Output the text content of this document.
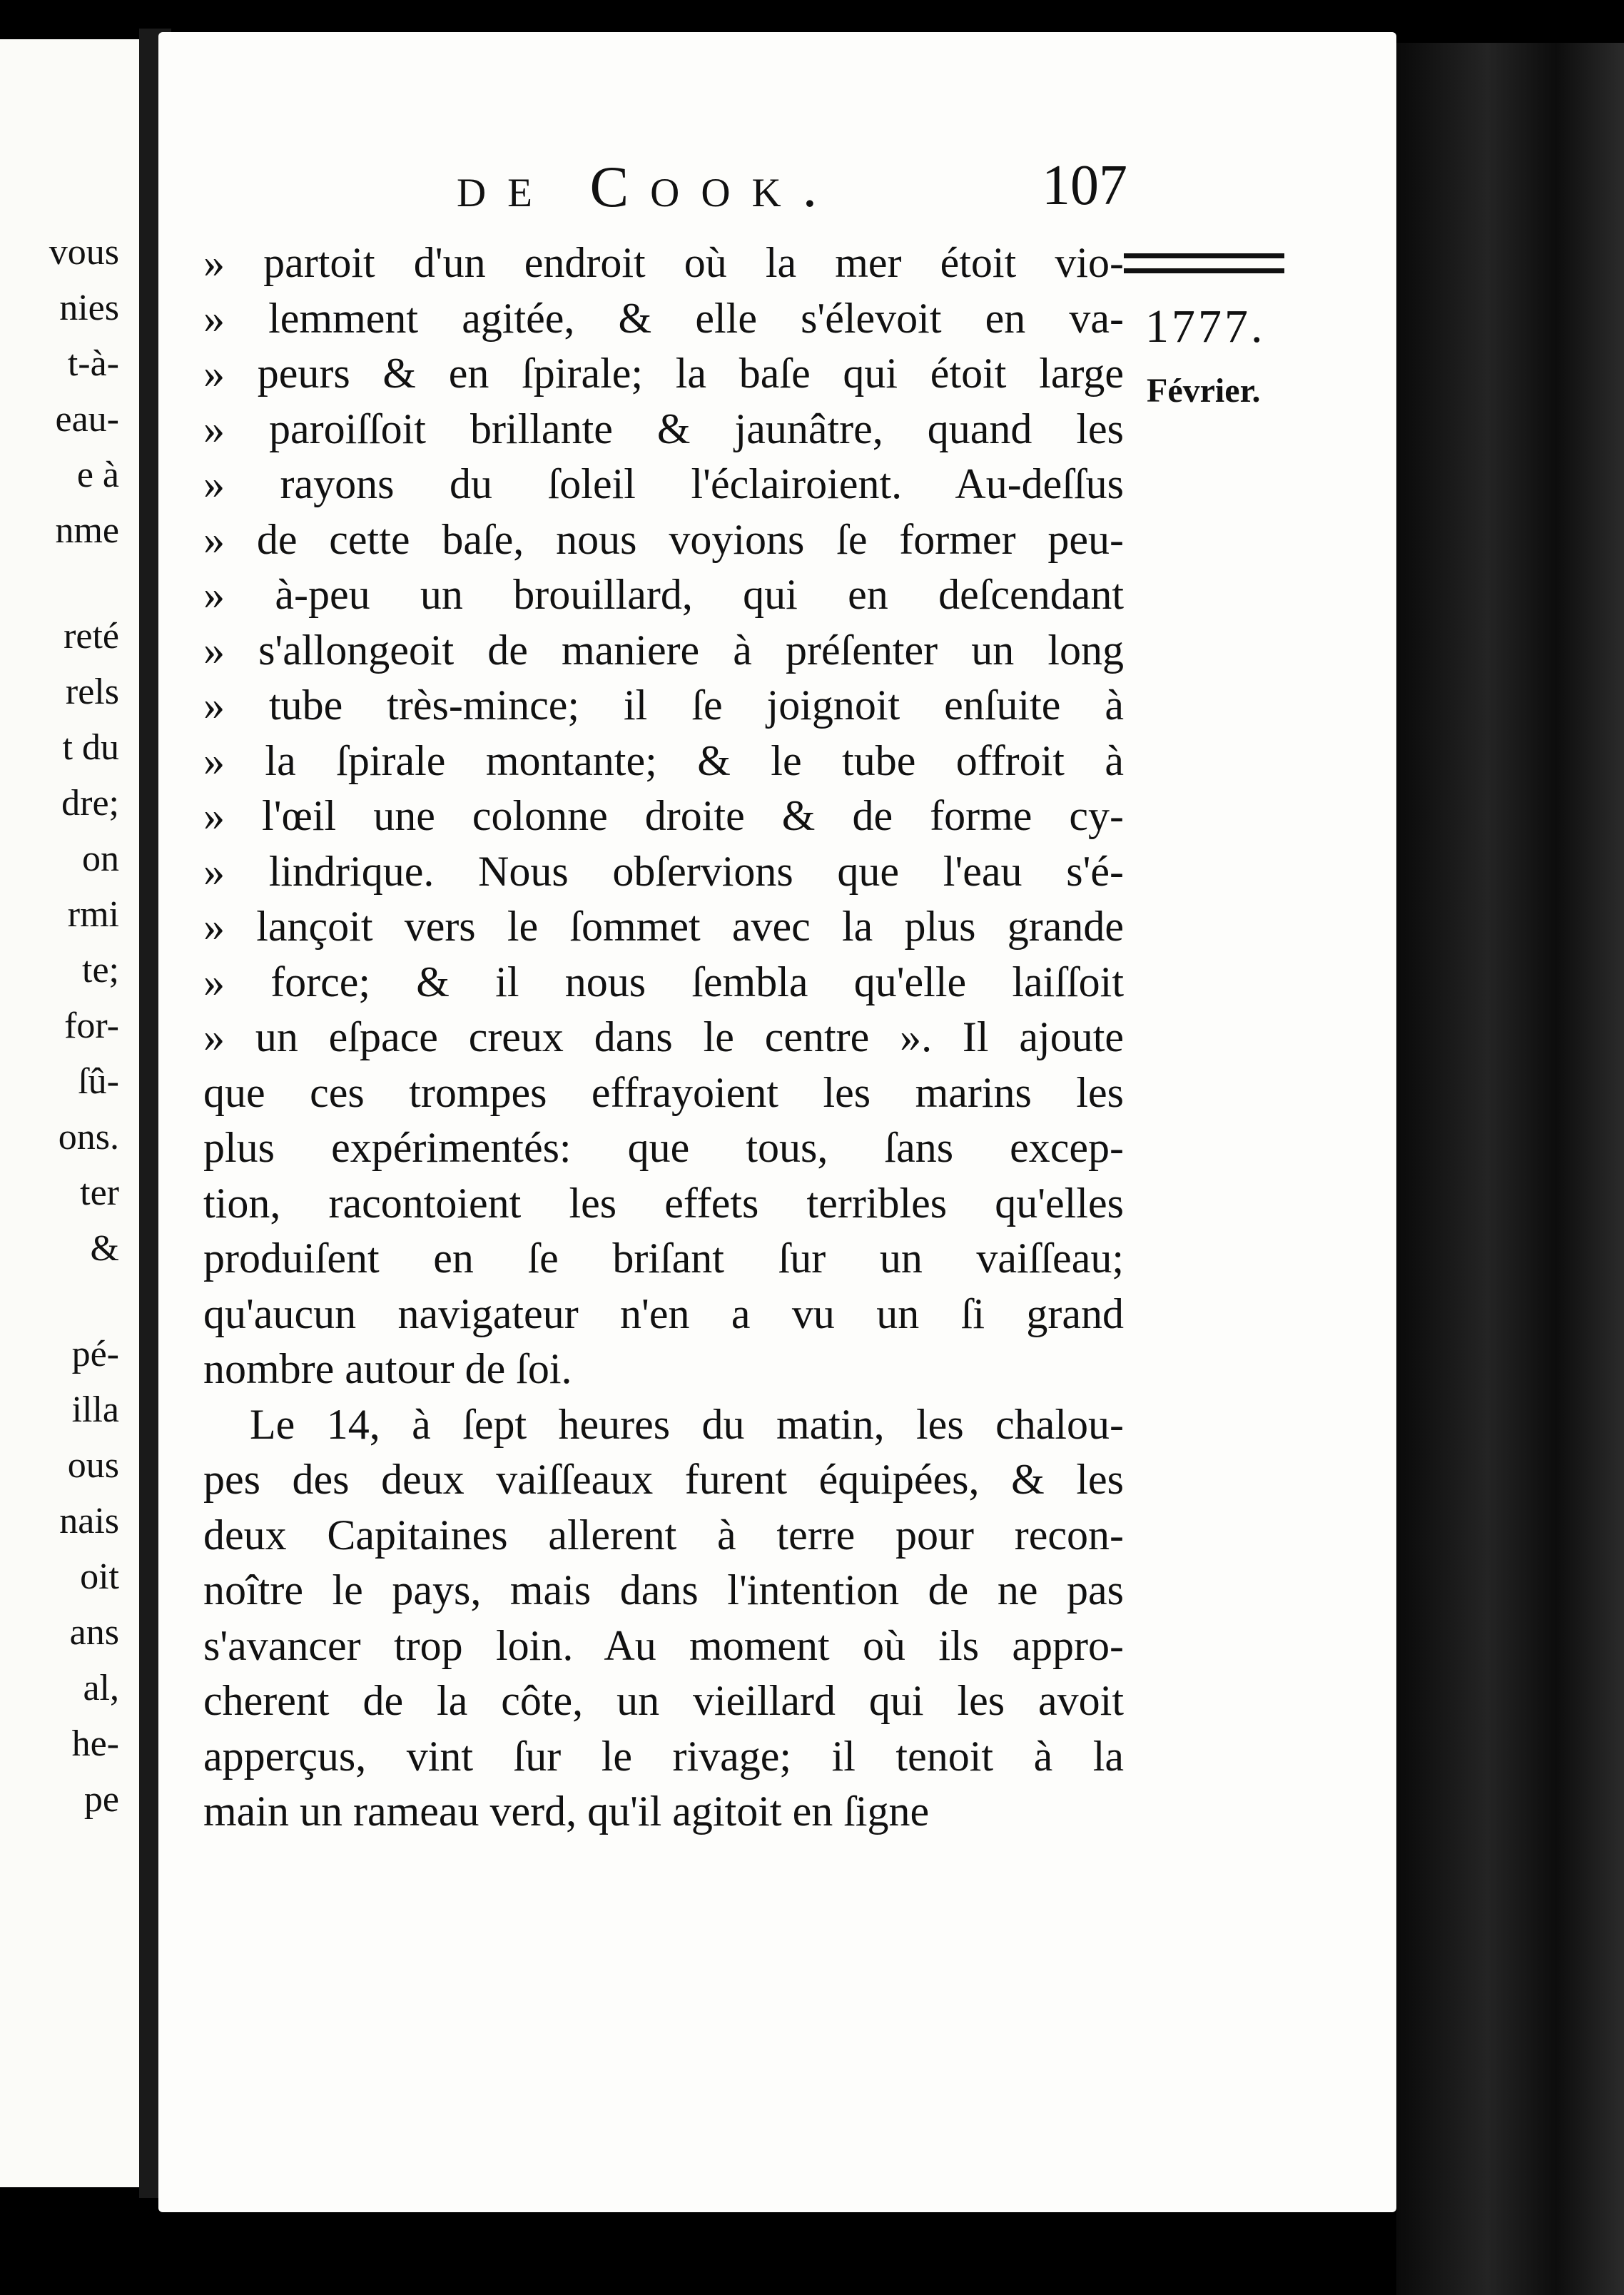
vous
nies
t-à-
eau-
e à
nme
reté
rels
t du
dre;
on
rmi
te;
for-
ſû-
ons.
ter
&
pé-
illa
ous
nais
oit
ans
al,
he-
pe
de Cook.	107
1777.
Février.
» partoit d'un endroit où la mer étoit vio-
» lemment agitée, & elle s'élevoit en va-
» peurs & en ſpirale; la baſe qui étoit large
» paroiſſoit brillante & jaunâtre, quand les
» rayons du ſoleil l'éclairoient. Au-deſſus
» de cette baſe, nous voyions ſe former peu-
» à-peu un brouillard, qui en deſcendant
» s'allongeoit de maniere à préſenter un long
» tube très-mince; il ſe joignoit enſuite à
» la ſpirale montante; & le tube offroit à
» l'œil une colonne droite & de forme cy-
» lindrique. Nous obſervions que l'eau s'é-
» lançoit vers le ſommet avec la plus grande
» force; & il nous ſembla qu'elle laiſſoit
» un eſpace creux dans le centre ». Il ajoute
que ces trompes effrayoient les marins les
plus expérimentés: que tous, ſans excep-
tion, racontoient les effets terribles qu'elles
produiſent en ſe briſant ſur un vaiſſeau;
qu'aucun navigateur n'en a vu un ſi grand
nombre autour de ſoi.
Le 14, à ſept heures du matin, les chalou-
pes des deux vaiſſeaux furent équipées, & les
deux Capitaines allerent à terre pour recon-
noître le pays, mais dans l'intention de ne pas
s'avancer trop loin. Au moment où ils appro-
cherent de la côte, un vieillard qui les avoit
apperçus, vint ſur le rivage; il tenoit à la
main un rameau verd, qu'il agitoit en ſigne
